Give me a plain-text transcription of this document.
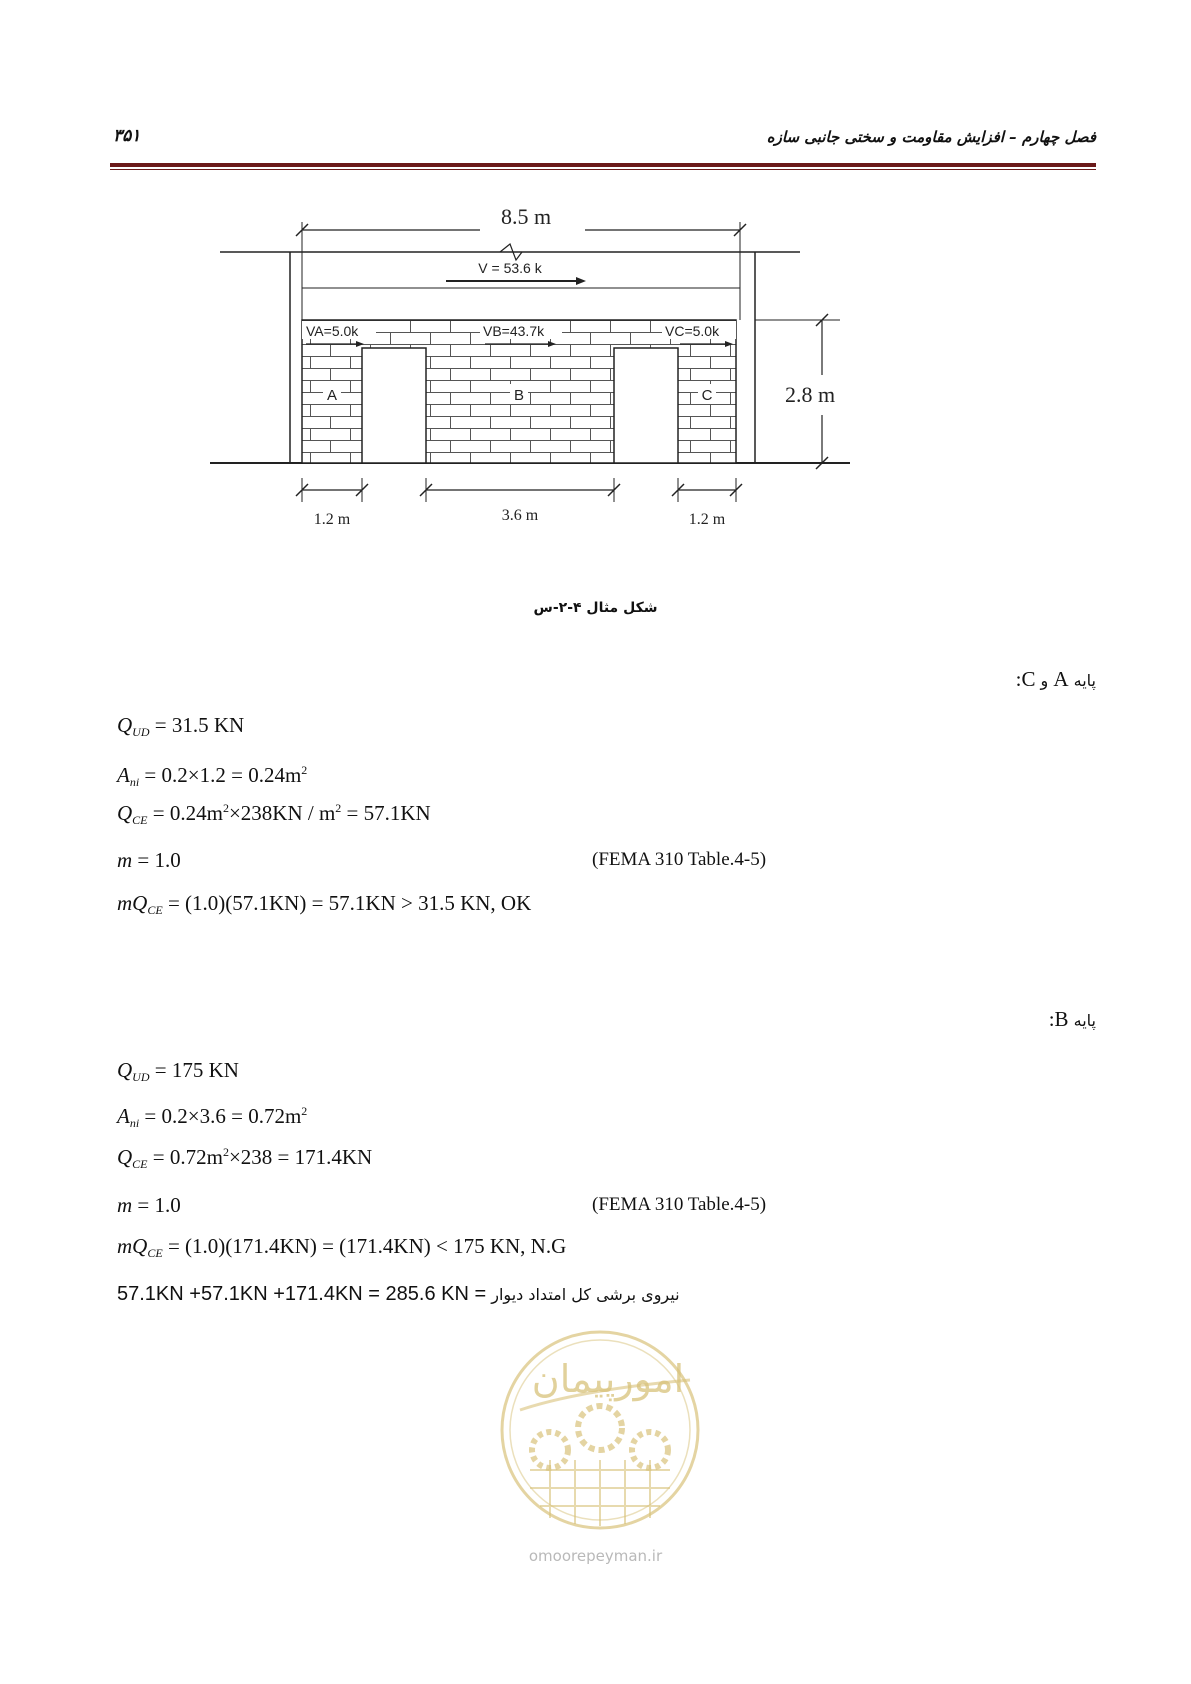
فصل چهارم – افزایش مقاومت و سختی جانبی سازه
۳۵۱
8.5 m
V = 53.6 k
VA=5.0k	VB=43.7k	VC=5.0k
A	B	C	2.8 m
1.2 m	3.6 m	1.2 m
شکل مثال ۴-۲-س
پایه A و C:
$Q_{UD} = 31.5$ KN
$A_{ni} = 0.2\times 1.2 = 0.24m^2$
$Q_{CE} = 0.24m^2\times 238KN / m^2 = 57.1KN$
m = 1.0	(FEMA 310 Table.4-5)
$mQ_{CE} = (1.0)(57.1KN) = 57.1KN > 31.5$ KN, OK
پایه B:
$Q_{UD} = 175$ KN
$A_{ni} = 0.2\times 3.6 = 0.72m^2$
$Q_{CE} = 0.72m^2\times 238 = 171.4KN$
m = 1.0	(FEMA 310 Table.4-5)
$mQ_{CE} = (1.0)(171.4KN) = (171.4KN) < 175$ KN, N.G
نیروی برشی کل امتداد دیوار = 57.1KN +57.1KN +171.4KN = 285.6 KN
امورپیمان
omoorepeyman.ir
